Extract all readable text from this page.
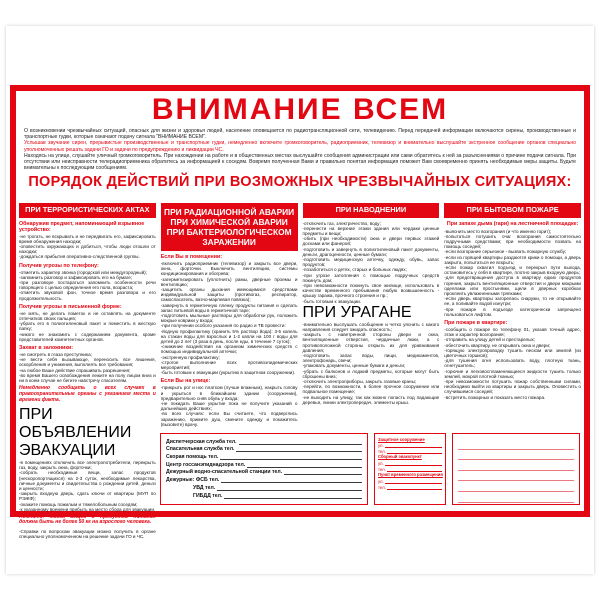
ВНИМАНИЕ ВСЕМ
О возникновении чрезвычайных ситуаций, опасных для жизни и здоровья людей, население оповещается по радиотрансляционной сети, телевидению. Перед передачей информации включаются сирены, производственные и транспортные гудки, которые означают подачу сигнала "ВНИМАНИЕ ВСЕМ".
Услышав звучание сирен, прерывистые производственные и транспортные гудки, немедленно включите громкоговоритель, радиоприемник, телевизор и внимательно выслушайте экстренное сообщение органов специально уполномоченных решать задачи ГО и задачи по предупреждению и ликвидации ЧС.
Находясь на улице, слушайте уличный громкоговоритель. При нахождении на работе и в общественных местах выслушайте сообщения администрации или сами обратитесь к ней за разъяснениями о причине подачи сигнала. При отсутствии или неисправности телерадиоприемника обратитесь за информацией к соседям. Вовремя полученная Вами и правильно понятая информация поможет Вам своевременно принять необходимые меры защиты. Будьте внимательны к последующим сообщениям.
ПОРЯДОК ДЕЙСТВИЙ ПРИ ВОЗМОЖНЫХ ЧРЕЗВЫЧАЙНЫХ СИТУАЦИЯХ:
ПРИ ТЕРРОРИСТИЧЕСКИХ АКТАХ
Обнаружив предмет, напоминающий взрывное устройство:
-не трогать, не вскрывать и не передвигать его, зафиксировать время обнаружения находки;
-оповестить окружающих и добиться, чтобы люди отошли от находки;
-дождаться прибытия оперативно-следственной группы.
Получив угрозы по телефону:
-отметить характер звонка (городской или междугородный);
-запомнить разговор и зафиксировать его на бумаге;
-при разговоре постараться запомнить особенности речи говорящего с целью определения его пола, возраста;
-отметить звуковой фон, точное время разговора и его продолжительность.
Получив угрозы в письменной форме:
-не мять, не делать пометок и не оставлять на документе отпечатков своих пальцев;
-убрать его в полиэтиленовый пакет и поместить в жесткую папку;
-никого не знакомить с содержанием документа, кроме представителей компетентных органов.
Захват в заложники:
-не смотреть в глаза преступника;
-не вести себя вызывающе, переносить все лишения, оскорбления и унижения, выполнять все требования;
-на любое Ваше действие спрашивать разрешения;
-во время Вашего освобождения лежите на полу лицом вниз и ни в коем случае не бегите навстречу спасателям.
Немедленно сообщать о всех случаях в правоохранительные органы с указанием места и времени факта.
ПРИ ОБЪЯВЛЕНИИ ЭВАКУАЦИИ
-в помещениях отключить все электропотребители, перекрыть газ, воду, закрыть окна, форточки;
-собрать необходимые вещи, запас продуктов (нескоропортящихся) на 2-3 суток, необходимые лекарства, личные документы и свидетельства о рождении детей, деньги и ценности;
-закрыть входную дверь, сдать ключи от квартиры (МУП по РЭЖФ);
-окажите помощь пожилым и тяжелобольным соседям;
-к указанному времени прибыть на место сбора для эвакуации.
Помните! Масса вещей и продуктов питания должна быть не более 50 кг на взрослого человека.
-Справки по вопросам эвакуации можно получить в органе специально уполномоченном на решение задачи ГО и ЧС.
ПРИ РАДИАЦИОННОЙ АВАРИИ
ПРИ ХИМИЧЕСКОЙ АВАРИИ
ПРИ БАКТЕРИОЛОГИЧЕСКОМ
ЗАРАЖЕНИИ
Если Вы в помещении:
-включить радиоприемник (телевизор) и закрыть все двери, окна, форточки. Выключить вентиляцию, системы кондиционирования и обогрева;
-загерметизировать (уплотнить) рамы, дверные проемы и вентиляцию;
-защитить органы дыхания имеющимися средствами индивидуальной защиты (противогаз, респиратор, самоспасатель, ватно-марлевая повязка);
-завернуть в герметичную пленку продукты питания и сделать запас питьевой воды в герметичной таре;
-подготовить мыльные растворы для обработки рук, положить мокрые коврики у входа;
-при получении особого указания по радио и ТВ провести:
-йодную профилактику (хранить 5% раствор йода): 3-5 капель на стакан воды для взрослых и 1-2 капли на 100 г воды для детей до 2 лет (3 раза в день, после еды, в течение 7 суток);
-снижение воздействия на организм химических средств с помощью индивидуальной аптечки;
-экстренную профилактику;
-строгое выполнение всех противоэпидемических мероприятий;
-быть готовым к эвакуации (укрытию в защитном сооружении).
Если Вы на улице:
-прикрыть рот и нос платком (лучше влажным), накрыть голову и укрыться в ближайшем здании (сооружении), предварительно сняв обувь у входа;
-не покидать Ваше укрытие пока не получите указаний о дальнейших действиях;
-во всех случаях: если Вы считаете, что подверглись заражению, примите душ, смените одежду и покажитесь (вызовите) врачу.
ПРИ НАВОДНЕНИИ
-отключить газ, электричество, воду;
-перенести на верхние этажи здания или чердаки ценные предметы и вещи;
-обить (при необходимости) окна и двери первых этажей досками или фанерой;
-подготовить и завернуть в полиэтиленовый пакет документы, деньги, драгоценности, ценные бумаги;
-подготовить медицинскую аптечку, одежду, обувь, запас продуктов;
-позаботиться о детях, старых и больных людях;
-при угрозе затопления с помощью подручных средств покинуть дом;
-при невозможности покинуть свое жилище, использовать в качестве временного пребывания любую возвышенность - крышу гаража, прочного строения и пр.;
-быть готовым к эвакуации.
ПРИ УРАГАНЕ
-внимательно выслушать сообщение и четко уяснить с какого направления следует ожидать опасность;
-закрыть с наветренной стороны двери и окна, вентиляционные отверстия, чердачные люки, а с противоположной стороны открыть их для уравнивания давления;
-подготовить запас воды, пищи, медикаментов, электрофонарь, свечи;
-упаковать документы, ценные бумаги и деньги;
-убрать с балконов и лоджий предметы, которые могут быть сброшены вниз;
-отключить электроприборы, закрыть газовые краны;
-перейти, по возможности, в более прочное сооружение или подвальное помещение;
-не выходить на улицу, так как можно попасть под падающие деревья, линии электропередач, элементы крыш.
ПРИ БЫТОВОМ ПОЖАРЕ
При запахе дыма (гари) на лестничной площадке:
-выяснить место возгорания (и что именно горит);
-попытаться потушить очаг возгорания самостоятельно подручными средствами; при необходимости позвать на помощь соседей;
-если возгорание серьезное - вызвать пожарную службу;
-если из горящей квартиры раздаются крики о помощи, а дверь закрыта, попытаться ее вскрыть;
-если пожар охватил подъезд и перекрыл пути выхода, остановитесь у себя в квартире, плотно закрыв входную дверь;
-для предотвращения доступа в квартиру едких продуктов горения, закрыть вентиляционные отверстия и двери мокрыми одеялами или простынями, щели в дверных коробках проклеить увлажненными тряпками;
-если дверь квартиры загорелась снаружи, то не открывайте ее, а поливайте водой изнутри;
-при пожаре в подъезде категорически запрещено пользоваться лифтом.
При пожаре в квартире:
-сообщить о пожаре по телефону 01, указав точный адрес, этаж и характер возгорания;
-отправить на улицу детей и престарелых;
-обесточить квартиру, не открывать окна и двери;
-горящую электропроводку тушить песком или землей (из цветочных горшков);
-для тушения огня использовать воду, плотную ткань, огнетушитель;
-горючие и легковоспламеняющиеся жидкости тушить только землей, мокрой плотной тканью;
-при невозможности потушить пожар собственными силами, необходимо выйти из квартиры и закрыть дверь. Оповестить о случившемся соседей;
-встретить пожарных и показать место пожара.
Диспетчерская служба тел.
Спасательная служба тел.
Скорая помощь тел.
Центр госсанэпиднадзора тел.
Дежурный водно-спасательной станции тел.
Дежурные: ФСБ тел.
УВД тел.
ГИБДД тел.
Защитное сооружение
ул.
тел.
Сборный эвакопункт
ул.
тел.
Пункт временного размещения
ул.
тел.
